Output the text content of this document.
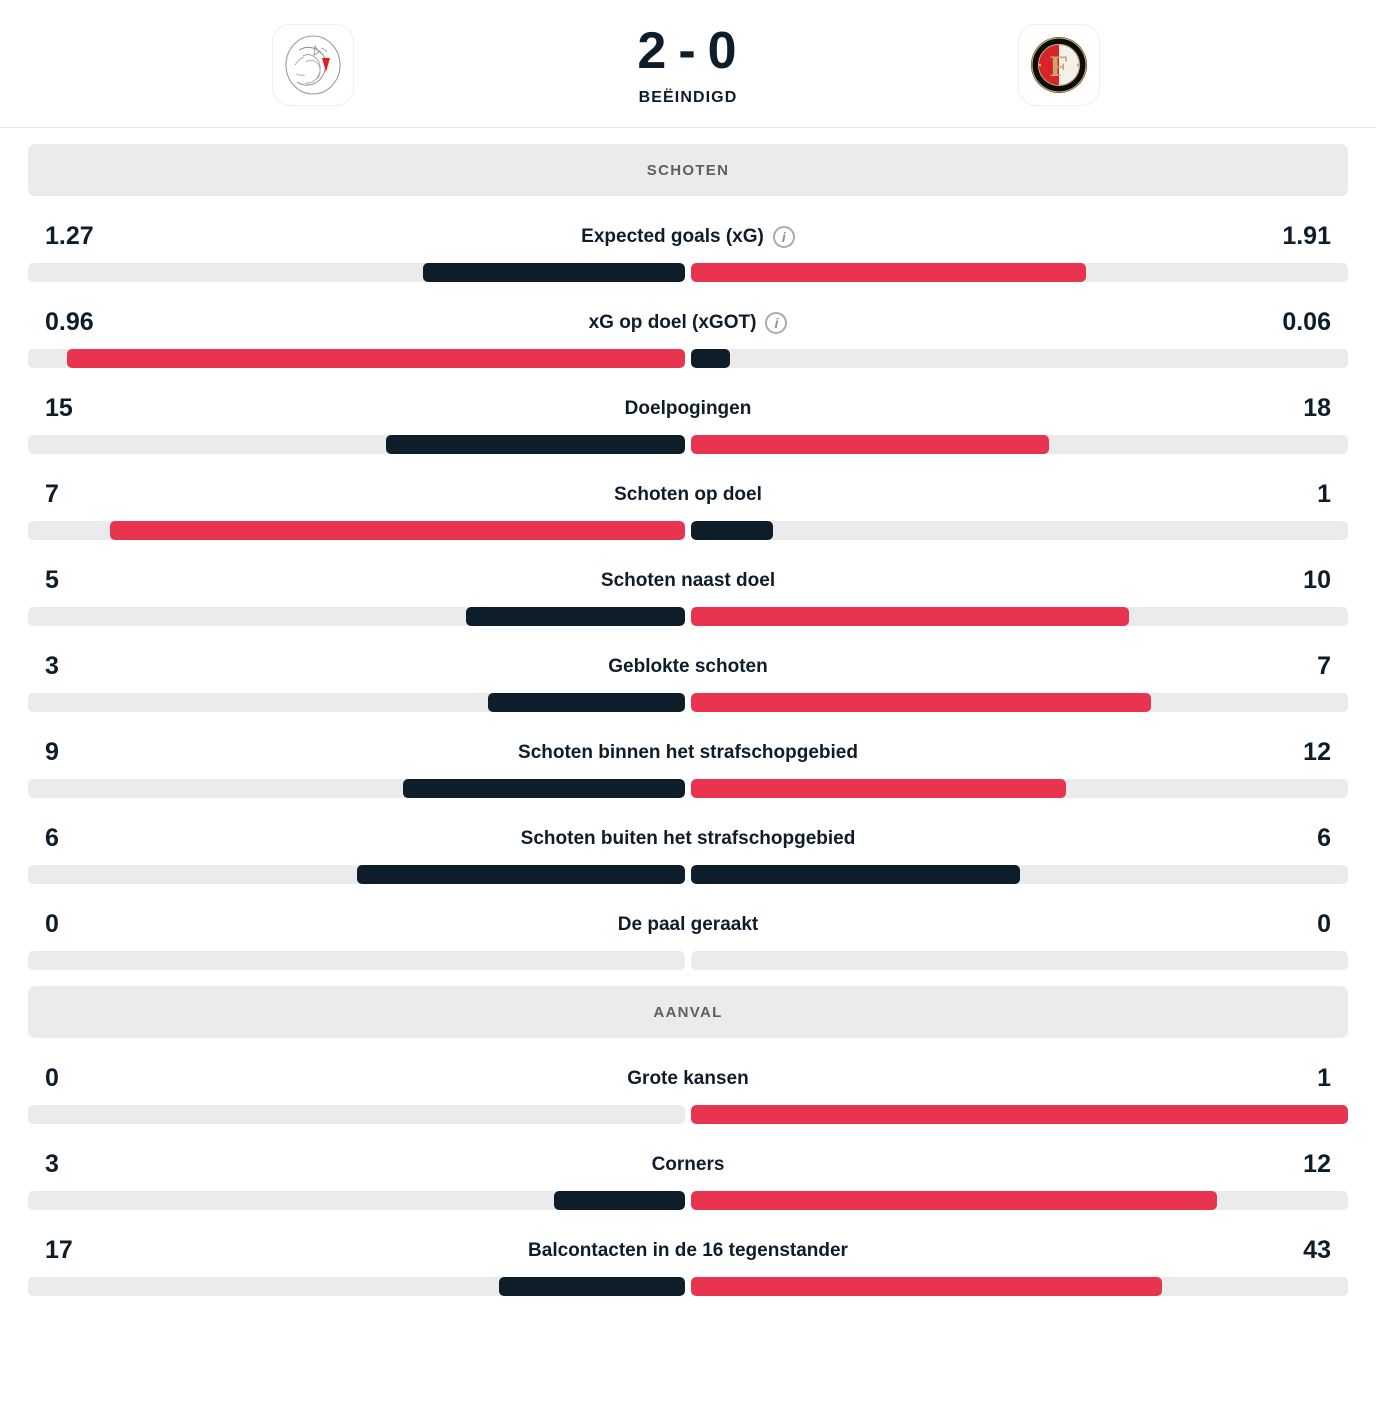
2 - 0
BEËINDIGD
F
SCHOTEN
1.27	Expected goals (xG)	i	1.91
0.96	xG op doel (xGOT)	i	0.06
15	Doelpogingen	18
7	Schoten op doel	1
5	Schoten naast doel	10
3	Geblokte schoten	7
9	Schoten binnen het strafschopgebied	12
6	Schoten buiten het strafschopgebied	6
0	De paal geraakt	0
AANVAL
0	Grote kansen	1
3	Corners	12
17	Balcontacten in de 16 tegenstander	43
